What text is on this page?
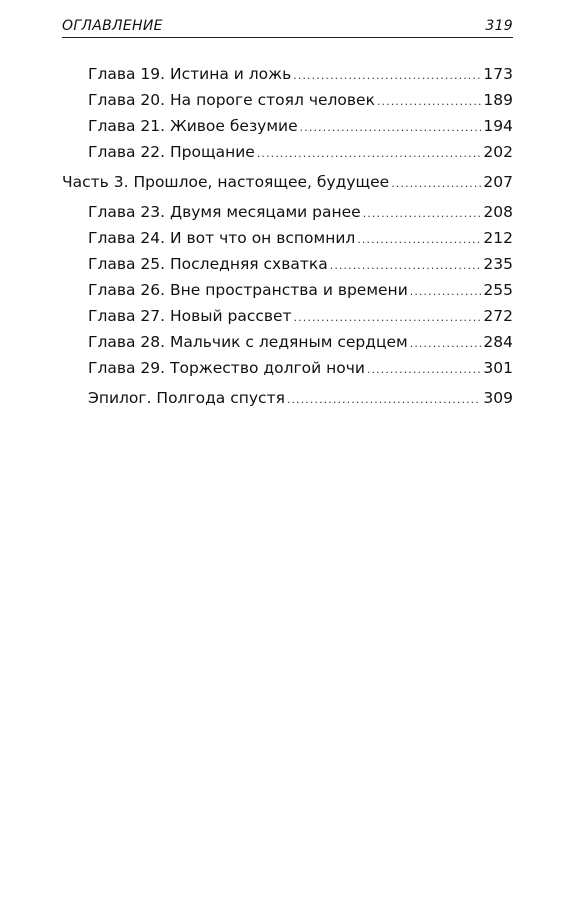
ОГЛАВЛЕНИЕ	319
Глава 19. Истина и ложь . . .	173
Глава 20. На пороге стоял человек . . .	189
Глава 21. Живое безумие . . .	194
Глава 22. Прощание . . .	202
Часть 3. Прошлое, настоящее, будущее . . .	207
Глава 23. Двумя месяцами ранее . . .	208
Глава 24. И вот что он вспомнил . . .	212
Глава 25. Последняя схватка . . .	235
Глава 26. Вне пространства и времени . . .	255
Глава 27. Новый рассвет . . .	272
Глава 28. Мальчик с ледяным сердцем . . .	284
Глава 29. Торжество долгой ночи . . .	301
Эпилог. Полгода спустя . . .	309
